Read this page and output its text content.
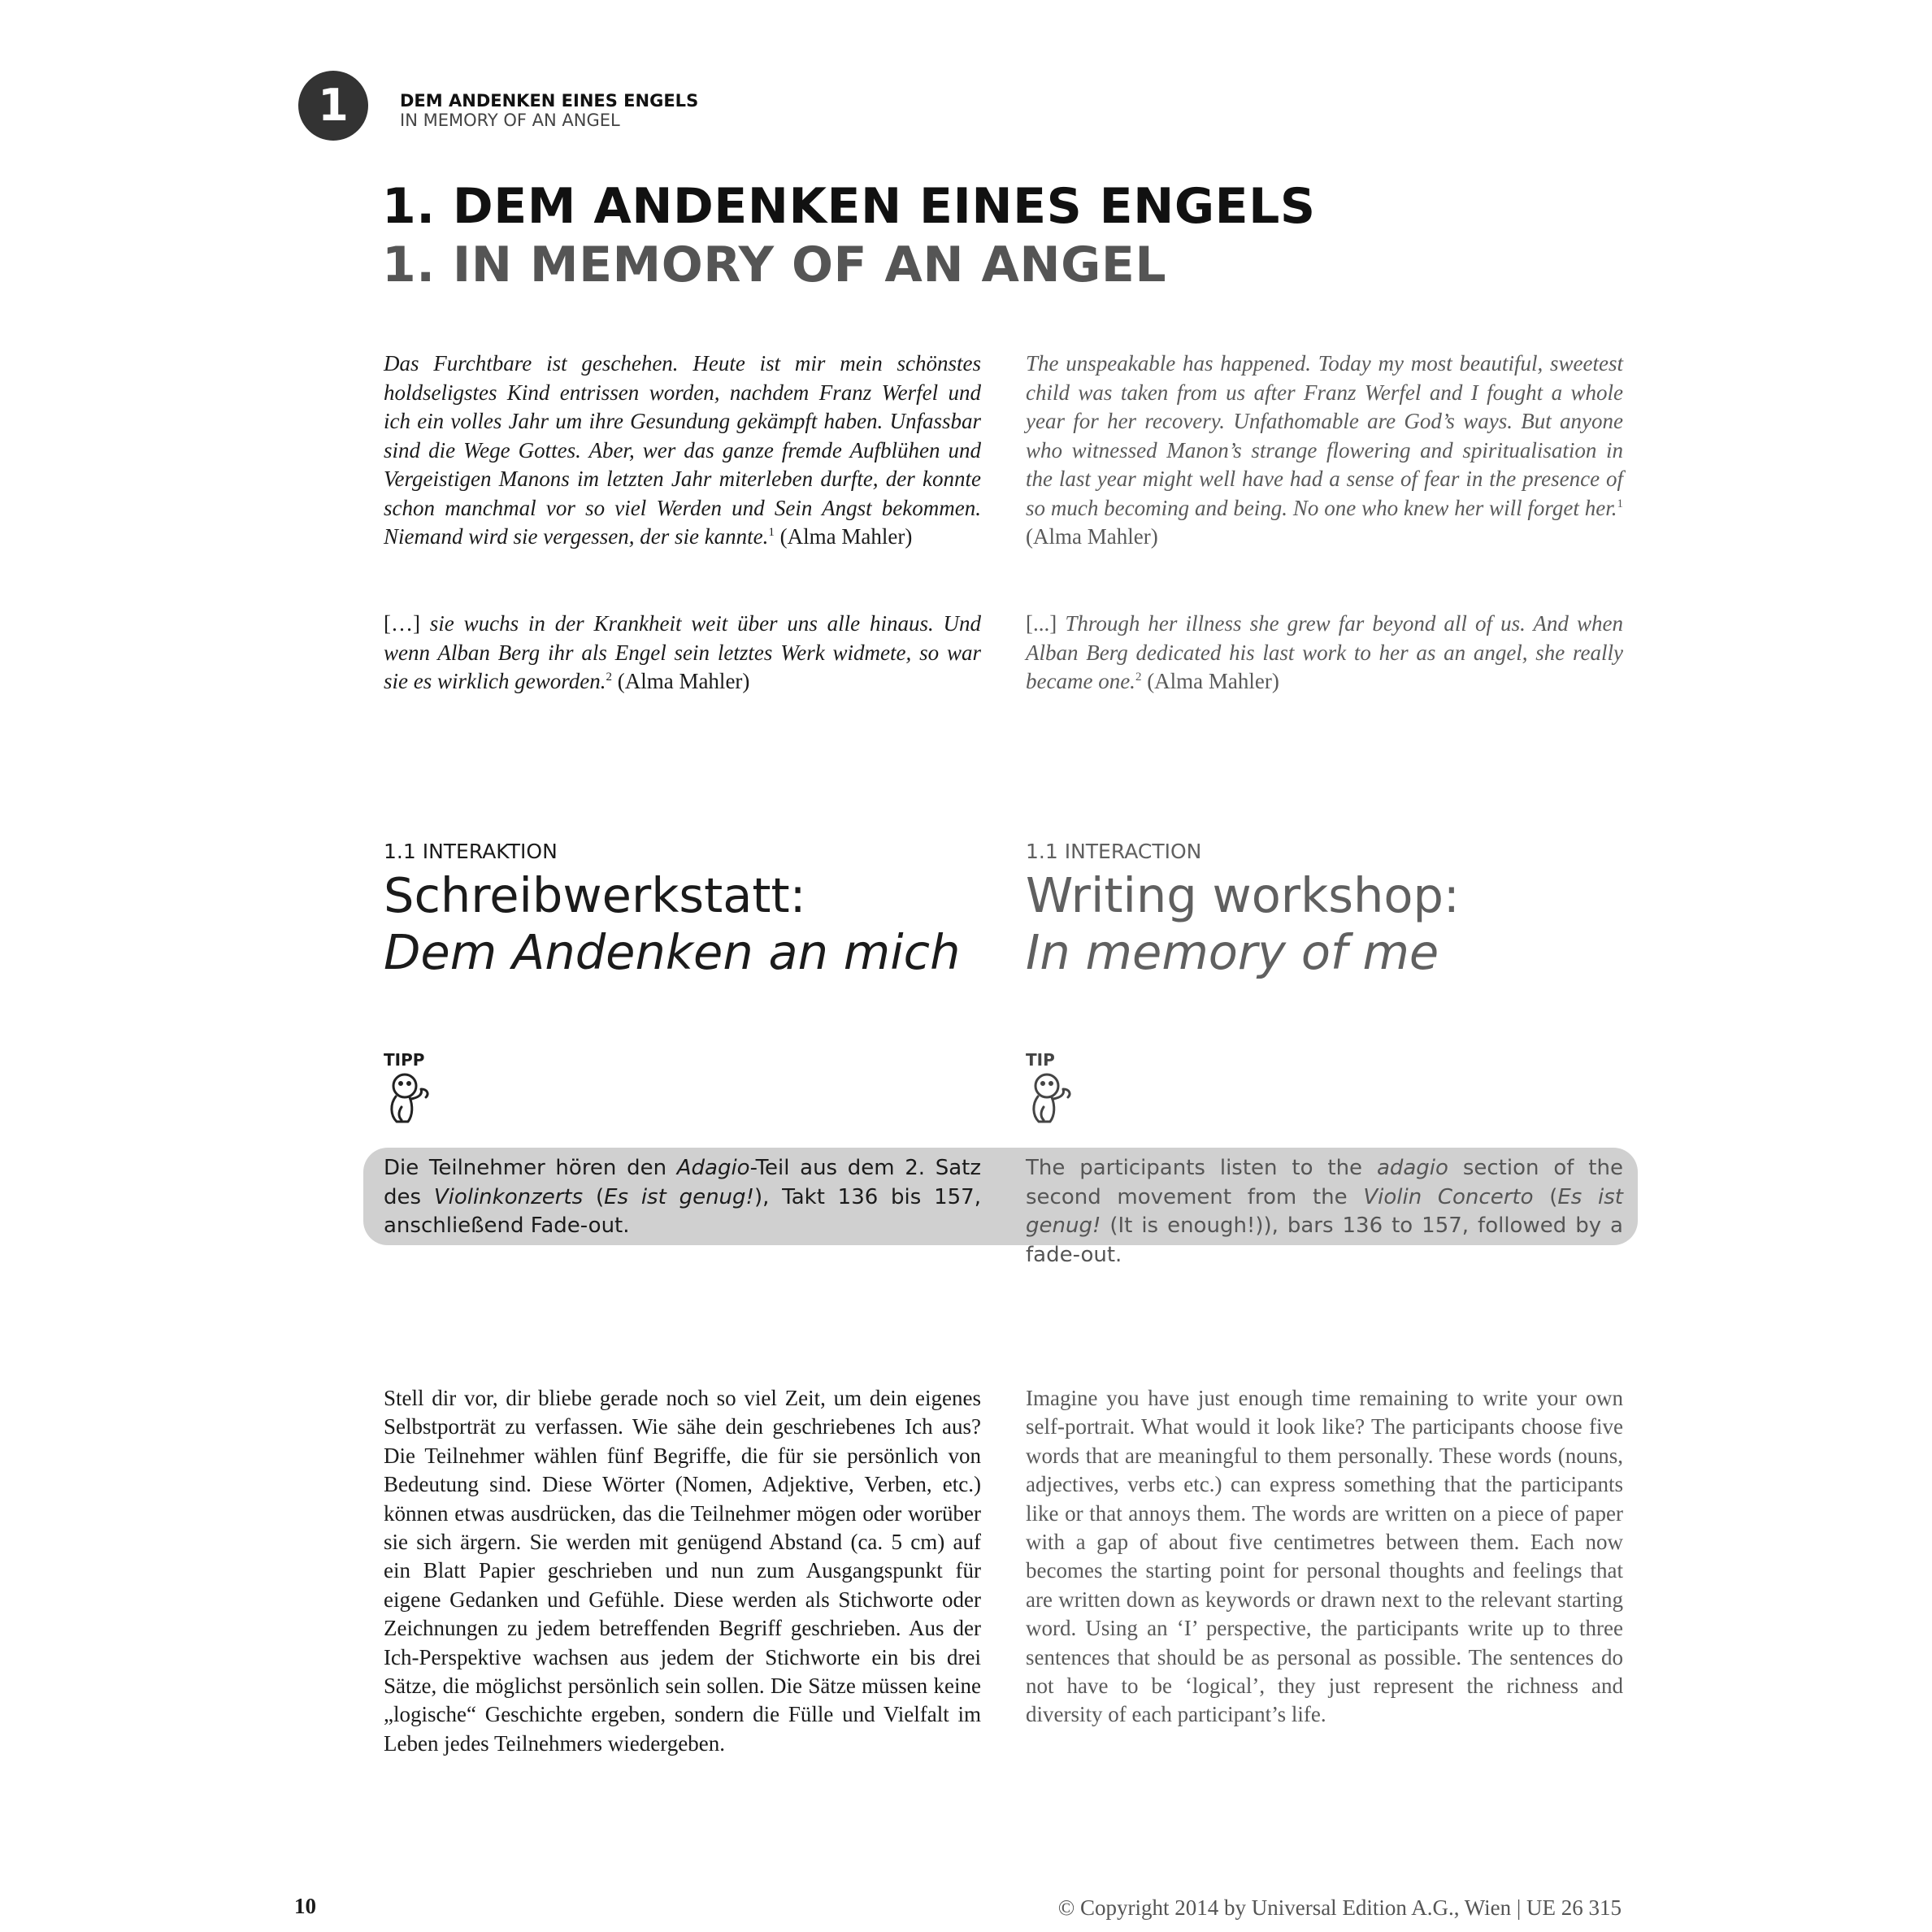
1	DEM ANDENKEN EINES ENGELS
IN MEMORY OF AN ANGEL
1. DEM ANDENKEN EINES ENGELS
1. IN MEMORY OF AN ANGEL
Das Furchtbare ist geschehen. Heute ist mir mein schönstes holdseligstes Kind entrissen worden, nachdem Franz Werfel und ich ein volles Jahr um ihre Gesundung gekämpft haben. Unfassbar sind die Wege Gottes. Aber, wer das ganze fremde Aufblühen und Vergeistigen Manons im letzten Jahr miterleben durfte, der konnte schon manchmal vor so viel Werden und Sein Angst bekommen. Niemand wird sie vergessen, der sie kannte.$^1$ (Alma Mahler)
[…] sie wuchs in der Krankheit weit über uns alle hinaus. Und wenn Alban Berg ihr als Engel sein letztes Werk widmete, so war sie es wirklich geworden.$^2$ (Alma Mahler)
The unspeakable has happened. Today my most beautiful, sweetest child was taken from us after Franz Werfel and I fought a whole year for her recovery. Unfathomable are God’s ways. But anyone who witnessed Manon’s strange flowering and spiritualisation in the last year might well have had a sense of fear in the presence of so much becoming and being. No one who knew her will forget her.$^1$ (Alma Mahler)
[...] Through her illness she grew far beyond all of us. And when Alban Berg dedicated his last work to her as an angel, she really became one.$^2$ (Alma Mahler)
1.1 INTERAKTION
Schreibwerkstatt:
Dem Andenken an mich
1.1 INTERACTION
Writing workshop:
In memory of me
TIPP	TIP
Die Teilnehmer hören den Adagio-Teil aus dem 2. Satz des Violinkonzerts (Es ist genug!), Takt 136 bis 157, anschließend Fade-out.
The participants listen to the adagio section of the second movement from the Violin Concerto (Es ist genug! (It is enough!)), bars 136 to 157, followed by a fade-out.
Stell dir vor, dir bliebe gerade noch so viel Zeit, um dein eigenes Selbstporträt zu verfassen. Wie sähe dein geschriebenes Ich aus? Die Teilnehmer wählen fünf Begriffe, die für sie persönlich von Bedeutung sind. Diese Wörter (Nomen, Adjektive, Verben, etc.) können etwas ausdrücken, das die Teilnehmer mögen oder worüber sie sich ärgern. Sie werden mit genügend Abstand (ca. 5 cm) auf ein Blatt Papier geschrieben und nun zum Ausgangspunkt für eigene Gedanken und Gefühle. Diese werden als Stichworte oder Zeichnungen zu jedem betreffenden Begriff geschrieben. Aus der Ich-Perspektive wachsen aus jedem der Stichworte ein bis drei Sätze, die möglichst persönlich sein sollen. Die Sätze müssen keine „logische“ Geschichte ergeben, sondern die Fülle und Vielfalt im Leben jedes Teilnehmers wiedergeben.
Imagine you have just enough time remaining to write your own self-portrait. What would it look like? The participants choose five words that are meaningful to them personally. These words (nouns, adjectives, verbs etc.) can express something that the participants like or that annoys them. The words are written on a piece of paper with a gap of about five centimetres between them. Each now becomes the starting point for personal thoughts and feelings that are written down as keywords or drawn next to the relevant starting word. Using an ‘I’ perspective, the participants write up to three sentences that should be as personal as possible. The sentences do not have to be ‘logical’, they just represent the richness and diversity of each participant’s life.
10	© Copyright 2014 by Universal Edition A.G., Wien | UE 26 315
